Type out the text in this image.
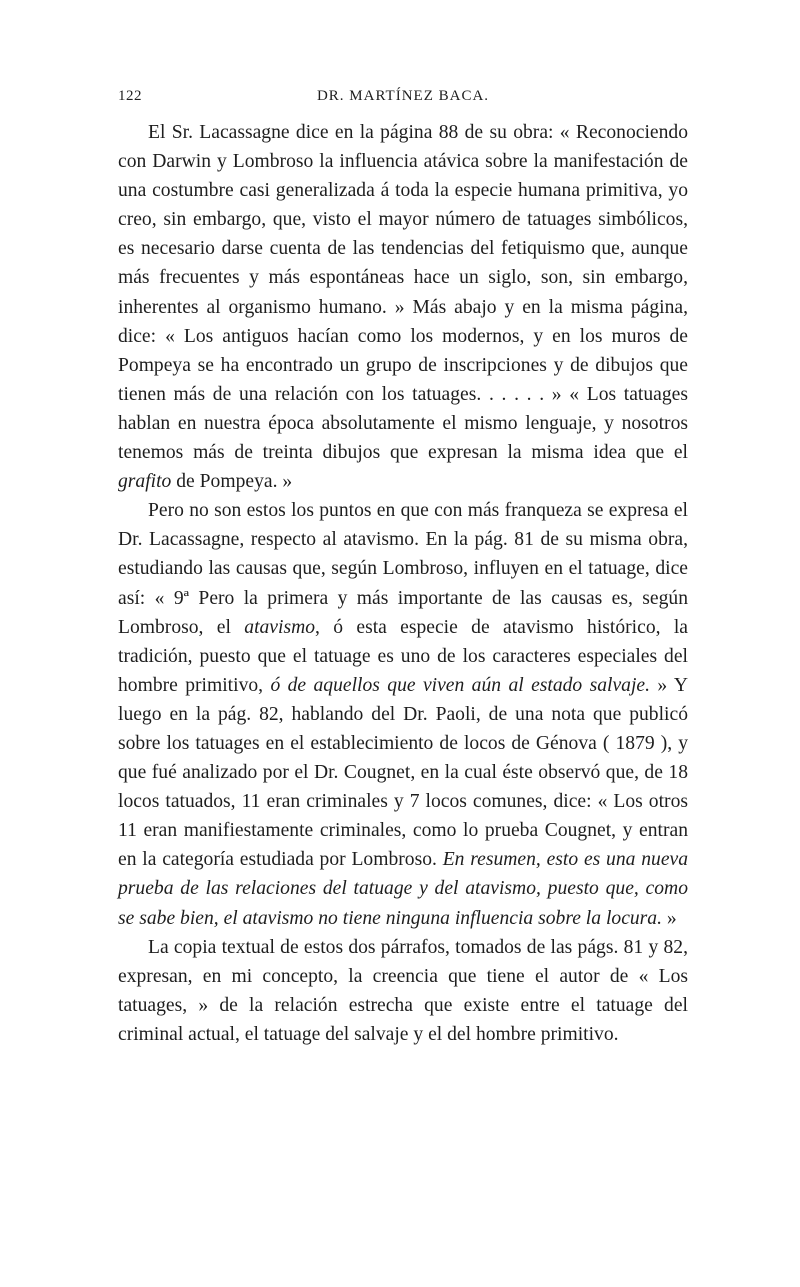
122	DR. MARTÍNEZ BACA.

El Sr. Lacassagne dice en la página 88 de su obra: « Reconociendo con Darwin y Lombroso la influencia atávica sobre la manifestación de una costumbre casi generalizada á toda la especie humana primitiva, yo creo, sin embargo, que, visto el mayor número de tatuages simbólicos, es necesario darse cuenta de las tendencias del fetiquismo que, aunque más frecuentes y más espontáneas hace un siglo, son, sin embargo, inherentes al organismo humano. » Más abajo y en la misma página, dice: « Los antiguos hacían como los modernos, y en los muros de Pompeya se ha encontrado un grupo de inscripciones y de dibujos que tienen más de una relación con los tatuages. . . . . . » « Los tatuages hablan en nuestra época absolutamente el mismo lenguaje, y nosotros tenemos más de treinta dibujos que expresan la misma idea que el grafito de Pompeya. »

Pero no son estos los puntos en que con más franqueza se expresa el Dr. Lacassagne, respecto al atavismo. En la pág. 81 de su misma obra, estudiando las causas que, según Lombroso, influyen en el tatuage, dice así: « 9ª Pero la primera y más importante de las causas es, según Lombroso, el atavismo, ó esta especie de atavismo histórico, la tradición, puesto que el tatuage es uno de los caracteres especiales del hombre primitivo, ó de aquellos que viven aún al estado salvaje. » Y luego en la pág. 82, hablando del Dr. Paoli, de una nota que publicó sobre los tatuages en el establecimiento de locos de Génova ( 1879 ), y que fué analizado por el Dr. Cougnet, en la cual éste observó que, de 18 locos tatuados, 11 eran criminales y 7 locos comunes, dice: « Los otros 11 eran manifiestamente criminales, como lo prueba Cougnet, y entran en la categoría estudiada por Lombroso. En resumen, esto es una nueva prueba de las relaciones del tatuage y del atavismo, puesto que, como se sabe bien, el atavismo no tiene ninguna influencia sobre la locura. »

La copia textual de estos dos párrafos, tomados de las págs. 81 y 82, expresan, en mi concepto, la creencia que tiene el autor de « Los tatuages, » de la relación estrecha que existe entre el tatuage del criminal actual, el tatuage del salvaje y el del hombre primitivo.
